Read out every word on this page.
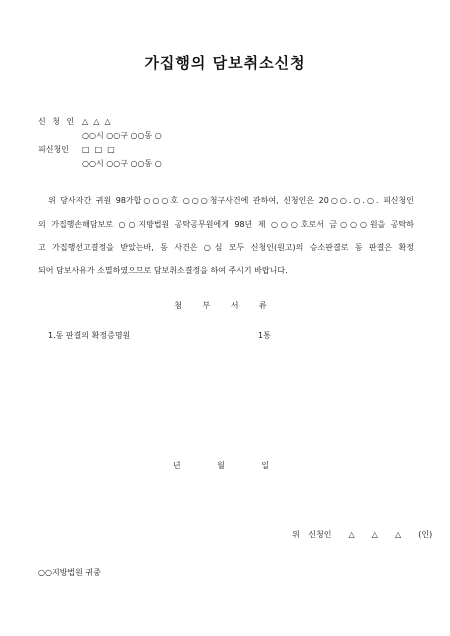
가집행의 담보취소신청
신 청 인 △  △  △
○○시 ○○구 ○○동 ○
피신청인 □  □  □
○○시 ○○구 ○○동 ○
위 당사자간 귀원 98가합○○○호 ○○○청구사건에 관하여, 신청인은 20○○.○.○. 피신청인
의 가집행손해담보로 ○○지방법원 공탁공무원에게 98년 제 ○○○호로서 금○○○원을 공탁하
고 가집행선고결정을 받았는바, 동 사건은 ○심 모두 신청인(원고)의 승소판결로 동 판결은 확정
되어 담보사유가 소멸하였으므로 담보취소결정을 하여 주시기 바랍니다.
첨 부 서 류
1.동 판결의 확정증명원	1통
년 월 일
위 신청인  △  △  △  (인)
○○지방법원 귀중
